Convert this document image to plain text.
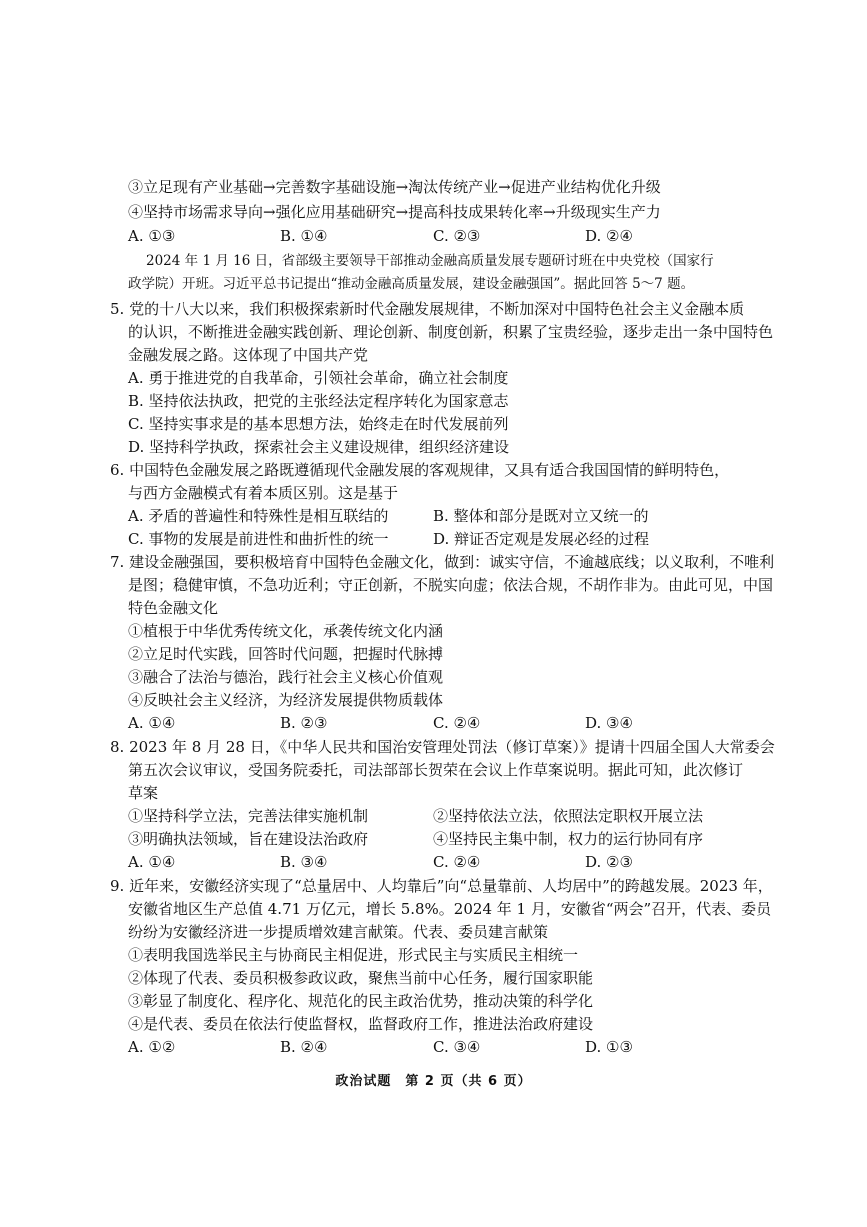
③立足现有产业基础→完善数字基础设施→淘汰传统产业→促进产业结构优化升级
④坚持市场需求导向→强化应用基础研究→提高科技成果转化率→升级现实生产力
A. ①③	B. ①④	C. ②③	D. ②④
2024 年 1 月 16 日，省部级主要领导干部推动金融高质量发展专题研讨班在中央党校（国家行
政学院）开班。习近平总书记提出“推动金融高质量发展，建设金融强国”。据此回答 5～7 题。
5. 党的十八大以来，我们积极探索新时代金融发展规律，不断加深对中国特色社会主义金融本质
的认识，不断推进金融实践创新、理论创新、制度创新，积累了宝贵经验，逐步走出一条中国特色
金融发展之路。这体现了中国共产党
A. 勇于推进党的自我革命，引领社会革命，确立社会制度
B. 坚持依法执政，把党的主张经法定程序转化为国家意志
C. 坚持实事求是的基本思想方法，始终走在时代发展前列
D. 坚持科学执政，探索社会主义建设规律，组织经济建设
6. 中国特色金融发展之路既遵循现代金融发展的客观规律，又具有适合我国国情的鲜明特色，
与西方金融模式有着本质区别。这是基于
A. 矛盾的普遍性和特殊性是相互联结的	B. 整体和部分是既对立又统一的
C. 事物的发展是前进性和曲折性的统一	D. 辩证否定观是发展必经的过程
7. 建设金融强国，要积极培育中国特色金融文化，做到：诚实守信，不逾越底线；以义取利，不唯利
是图；稳健审慎，不急功近利；守正创新，不脱实向虚；依法合规，不胡作非为。由此可见，中国
特色金融文化
①植根于中华优秀传统文化，承袭传统文化内涵
②立足时代实践，回答时代问题，把握时代脉搏
③融合了法治与德治，践行社会主义核心价值观
④反映社会主义经济，为经济发展提供物质载体
A. ①④	B. ②③	C. ②④	D. ③④
8. 2023 年 8 月 28 日，《中华人民共和国治安管理处罚法（修订草案）》提请十四届全国人大常委会
第五次会议审议，受国务院委托，司法部部长贺荣在会议上作草案说明。据此可知，此次修订
草案
①坚持科学立法，完善法律实施机制	②坚持依法立法，依照法定职权开展立法
③明确执法领域，旨在建设法治政府	④坚持民主集中制，权力的运行协同有序
A. ①④	B. ③④	C. ②④	D. ②③
9. 近年来，安徽经济实现了“总量居中、人均靠后”向“总量靠前、人均居中”的跨越发展。2023 年，
安徽省地区生产总值 4.71 万亿元，增长 5.8%。2024 年 1 月，安徽省“两会”召开，代表、委员
纷纷为安徽经济进一步提质增效建言献策。代表、委员建言献策
①表明我国选举民主与协商民主相促进，形式民主与实质民主相统一
②体现了代表、委员积极参政议政，聚焦当前中心任务，履行国家职能
③彰显了制度化、程序化、规范化的民主政治优势，推动决策的科学化
④是代表、委员在依法行使监督权，监督政府工作，推进法治政府建设
A. ①②	B. ②④	C. ③④	D. ①③
政治试题　第 2 页（共 6 页）
